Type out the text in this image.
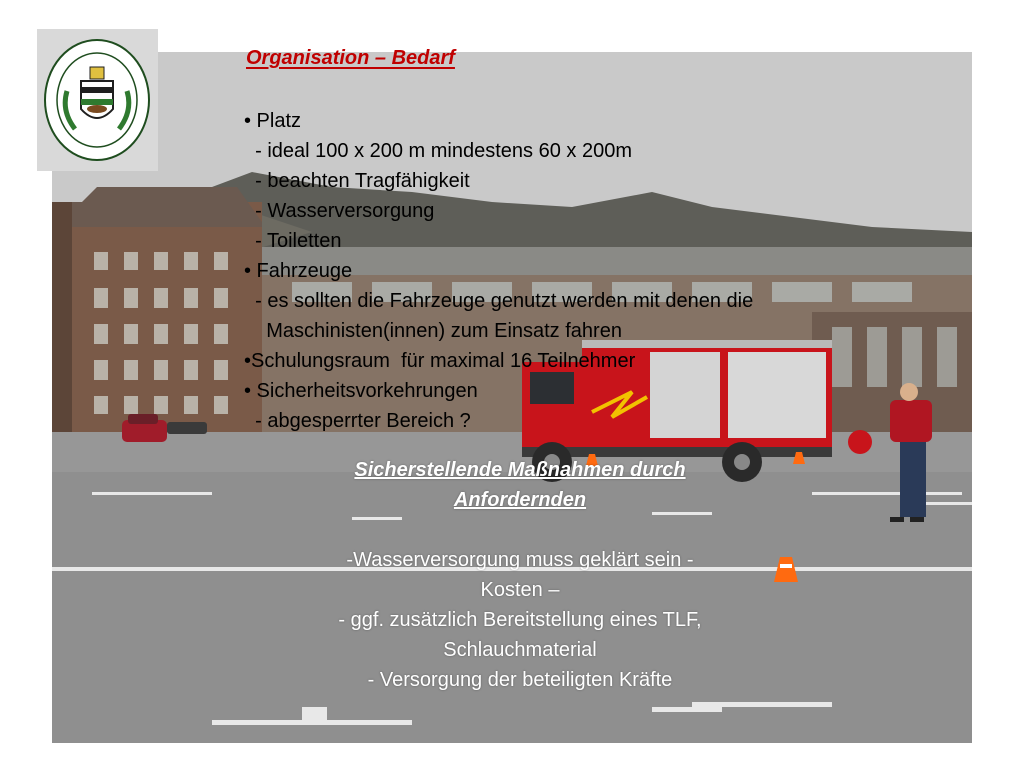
Organisation – Bedarf
• Platz
- ideal 100 x 200 m mindestens 60 x 200m
- beachten Tragfähigkeit
- Wasserversorgung
- Toiletten
• Fahrzeuge
- es sollten die Fahrzeuge genutzt werden mit denen die
Maschinisten(innen) zum Einsatz fahren
•Schulungsraum  für maximal 16 Teilnehmer
• Sicherheitsvorkehrungen
- abgesperrter Bereich ?
Sicherstellende Maßnahmen durch
Anfordernden
-Wasserversorgung muss geklärt sein -
Kosten –
- ggf. zusätzlich Bereitstellung eines TLF,
Schlauchmaterial
- Versorgung der beteiligten Kräfte
